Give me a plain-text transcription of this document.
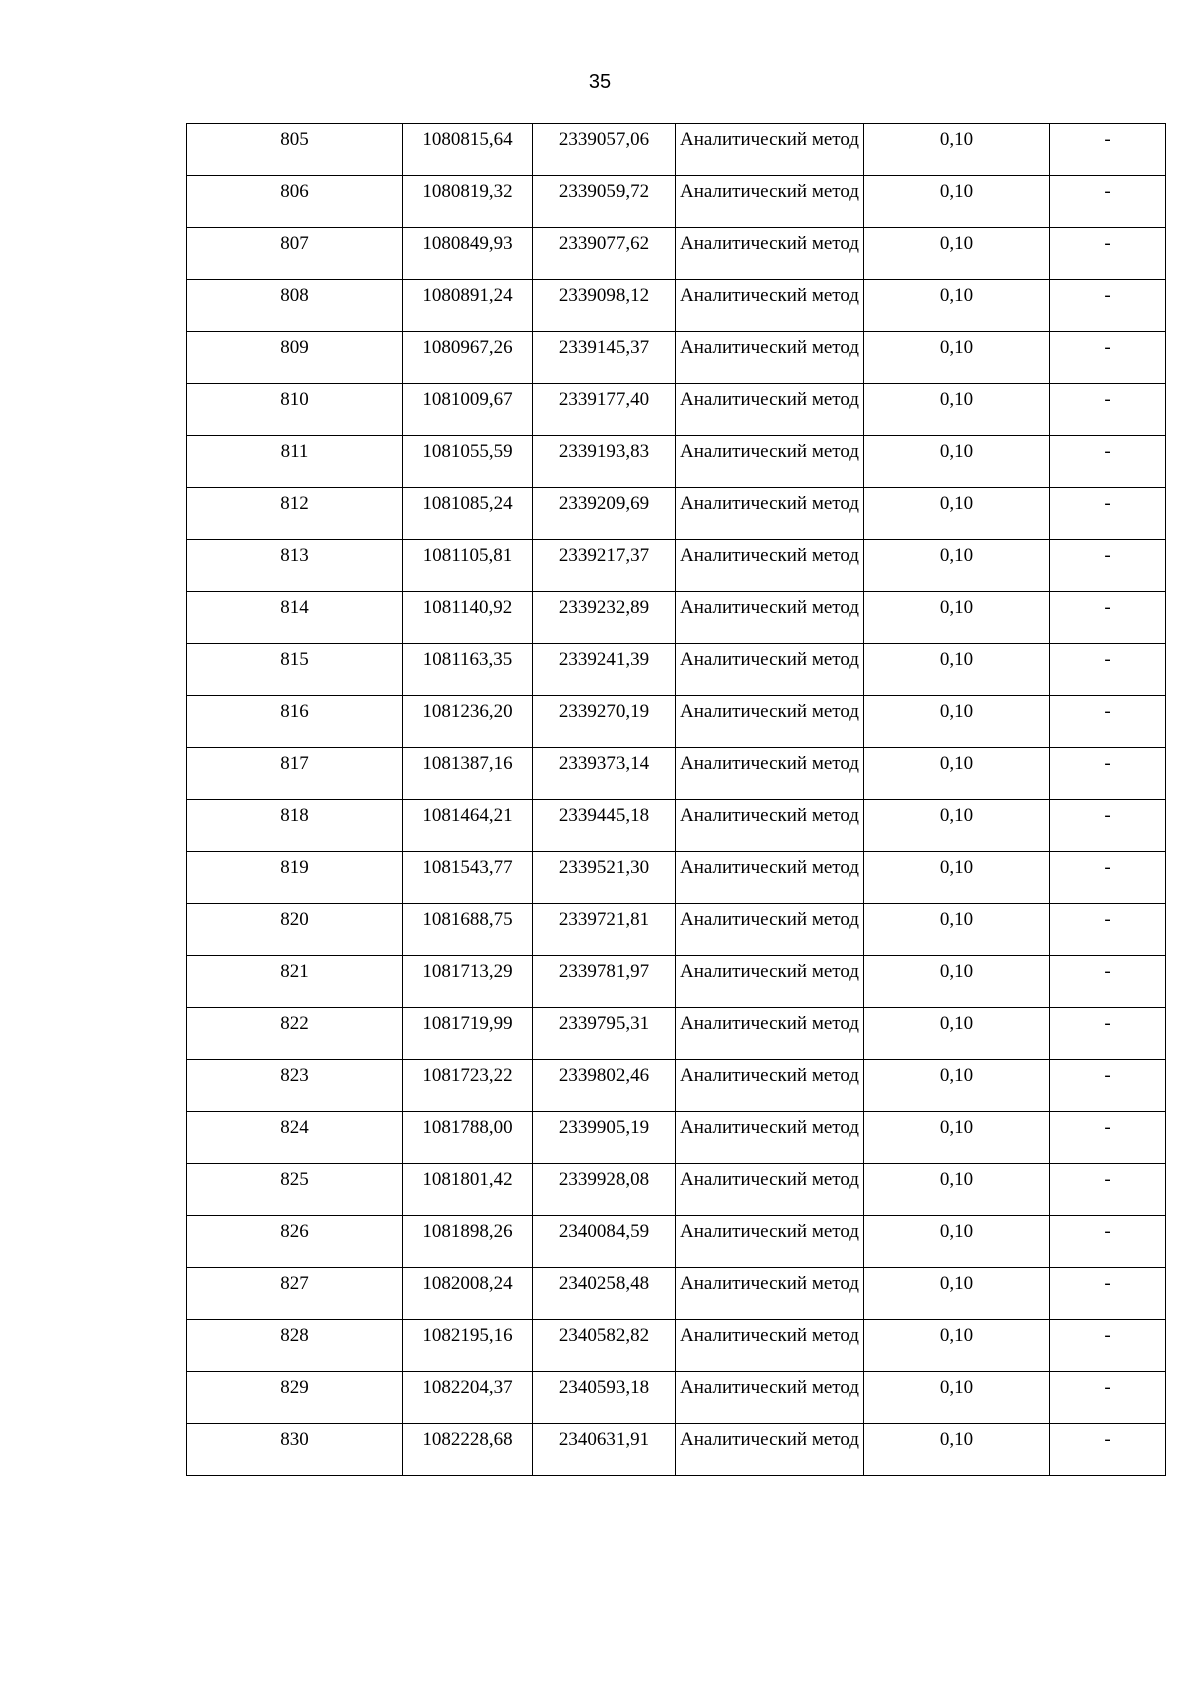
35
805	1080815,64	2339057,06	Аналитический метод	0,10	-
806	1080819,32	2339059,72	Аналитический метод	0,10	-
807	1080849,93	2339077,62	Аналитический метод	0,10	-
808	1080891,24	2339098,12	Аналитический метод	0,10	-
809	1080967,26	2339145,37	Аналитический метод	0,10	-
810	1081009,67	2339177,40	Аналитический метод	0,10	-
811	1081055,59	2339193,83	Аналитический метод	0,10	-
812	1081085,24	2339209,69	Аналитический метод	0,10	-
813	1081105,81	2339217,37	Аналитический метод	0,10	-
814	1081140,92	2339232,89	Аналитический метод	0,10	-
815	1081163,35	2339241,39	Аналитический метод	0,10	-
816	1081236,20	2339270,19	Аналитический метод	0,10	-
817	1081387,16	2339373,14	Аналитический метод	0,10	-
818	1081464,21	2339445,18	Аналитический метод	0,10	-
819	1081543,77	2339521,30	Аналитический метод	0,10	-
820	1081688,75	2339721,81	Аналитический метод	0,10	-
821	1081713,29	2339781,97	Аналитический метод	0,10	-
822	1081719,99	2339795,31	Аналитический метод	0,10	-
823	1081723,22	2339802,46	Аналитический метод	0,10	-
824	1081788,00	2339905,19	Аналитический метод	0,10	-
825	1081801,42	2339928,08	Аналитический метод	0,10	-
826	1081898,26	2340084,59	Аналитический метод	0,10	-
827	1082008,24	2340258,48	Аналитический метод	0,10	-
828	1082195,16	2340582,82	Аналитический метод	0,10	-
829	1082204,37	2340593,18	Аналитический метод	0,10	-
830	1082228,68	2340631,91	Аналитический метод	0,10	-
